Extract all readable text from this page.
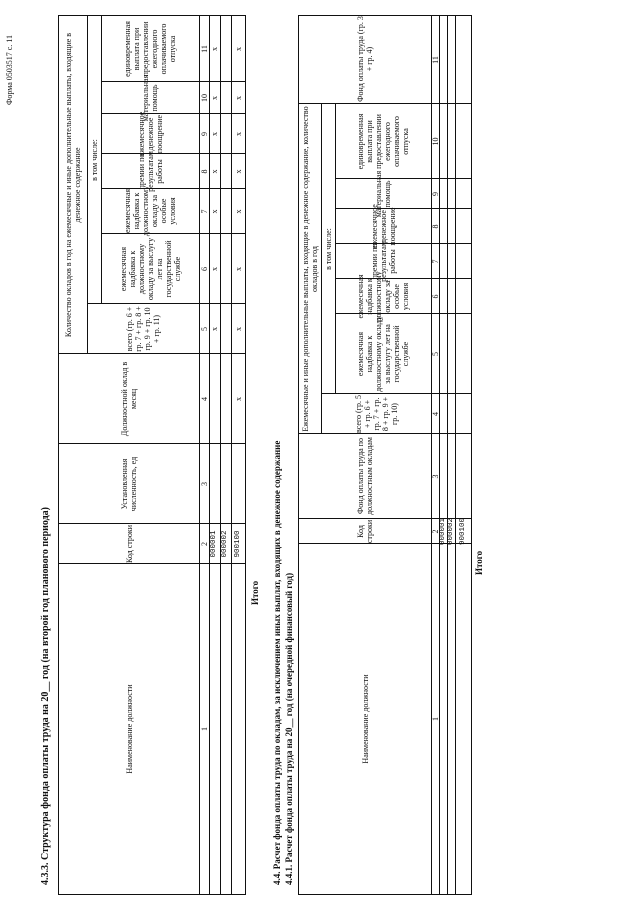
Форма 0503517 с. 11
4.3.3. Структура фонда оплаты труда на 20__ год (на второй год планового периода)	Наименование должности
Код строки
Установленная численность, ед
Должностной оклад в месяц
Количество окладов в год на ежемесячные и иные дополнительные выплаты, входящие в денежное содержание
всего (гр. 6 + гр. 7 + гр. 8 + гр. 9 + гр. 10 + гр. 11)
в том числе:
ежемесячная надбавка к должностному окладу за выслугу лет на государственной службе
ежемесячная надбавка к должностному окладу за особые условия
премии по результатам работы
ежемесячное денежное поощрение
материальная помощь
единовременная выплата при предоставлении ежегодного оплачиваемого отпуска
1
2
3
4
5
6
7
8
9
10
11
000001 000002 900100
x
x
x
x
x
x
x
x
x
x
x
x
x
x
x
Итого 4.4. Расчет фонда оплаты труда по окладам, за исключением иных выплат, входящих в денежное содержание 4.4.1. Расчет фонда оплаты труда на 20__ год (на очередной финансовый год)	Наименование должности
Код строки
Фонд оплаты труда по должностным окладам
Ежемесячные и иные дополнительные выплаты, входящие в денежное содержание, количество окладов в год
всего (гр. 5 + гр. 6 + гр. 7 + гр. 8 + гр. 9 + гр. 10)
в том числе:
ежемесячная надбавка к должностному окладу за выслугу лет на государственной службе
ежемесячная надбавка к должностному окладу за особые условия
премии по результатам работы
ежемесячное денежное поощрение
материальная помощь
единовременная выплата при предоставлении ежегодного оплачиваемого отпуска
Фонд оплаты труда (гр. 3 + гр. 4)
1
2
3
4
5
6
7
8
9
10
11
000001 000002 900100
Итого
